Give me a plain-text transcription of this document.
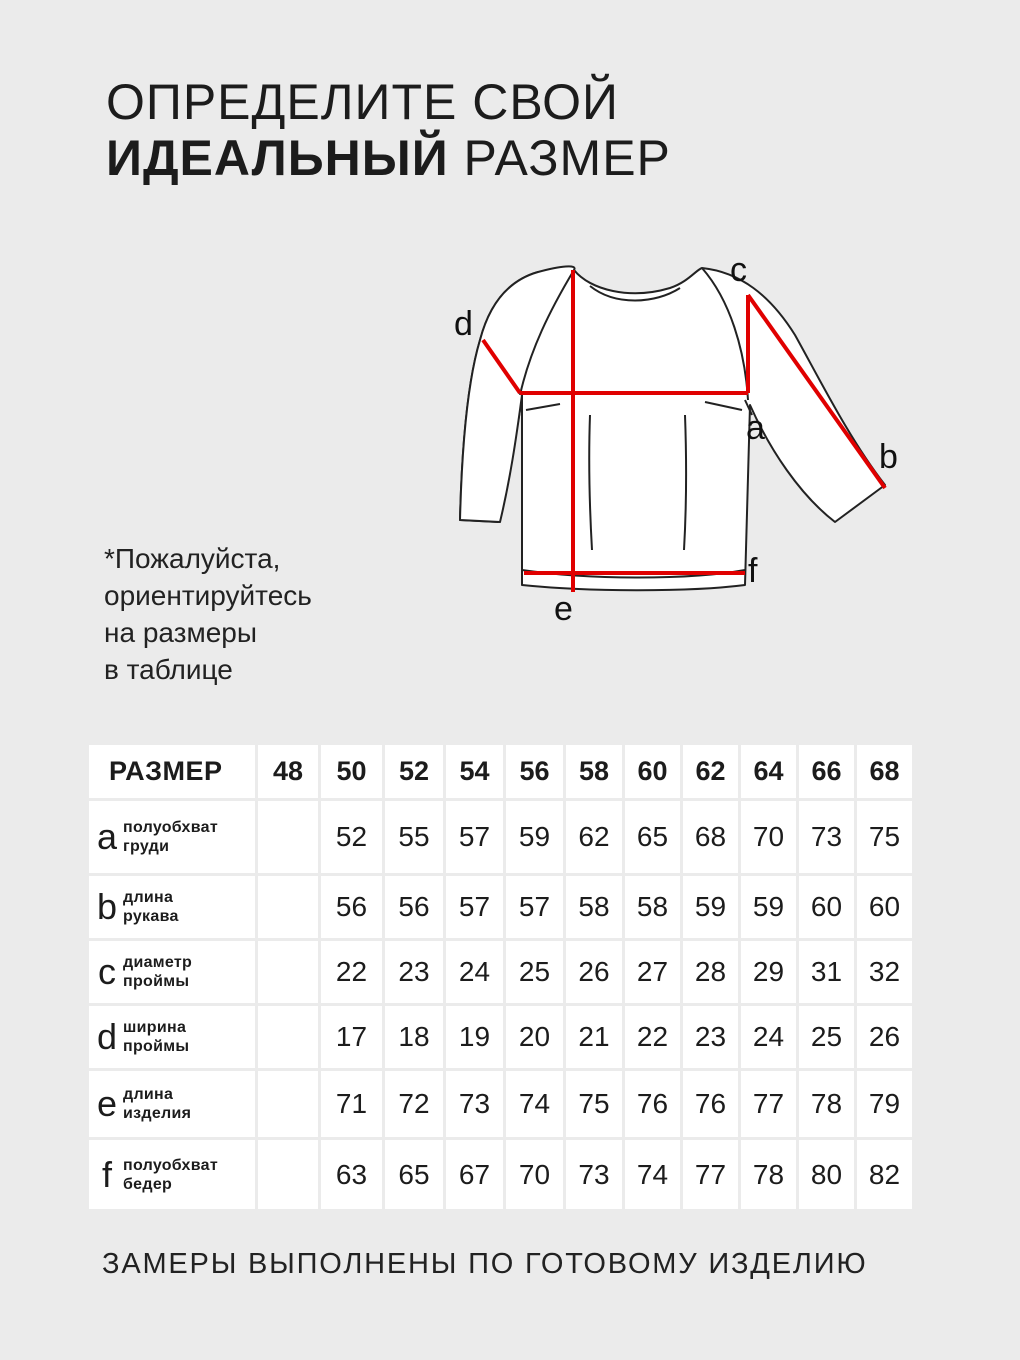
ОПРЕДЕЛИТЕ СВОЙ
ИДЕАЛЬНЫЙ РАЗМЕР
*Пожалуйста,
ориентируйтесь
на размеры
в таблице
c
d
a
b
f
e
РАЗМЕР	48	50	52	54	56	58	60	62	64	66	68

a полуобхват
груди		52	55	57	59	62	65	68	70	73	75

b длина
рукава		56	56	57	57	58	58	59	59	60	60

c диаметр
проймы		22	23	24	25	26	27	28	29	31	32

d ширина
проймы		17	18	19	20	21	22	23	24	25	26

e длина
изделия		71	72	73	74	75	76	76	77	78	79

f полуобхват
бедер		63	65	67	70	73	74	77	78	80	82
ЗАМЕРЫ ВЫПОЛНЕНЫ ПО ГОТОВОМУ ИЗДЕЛИЮ
